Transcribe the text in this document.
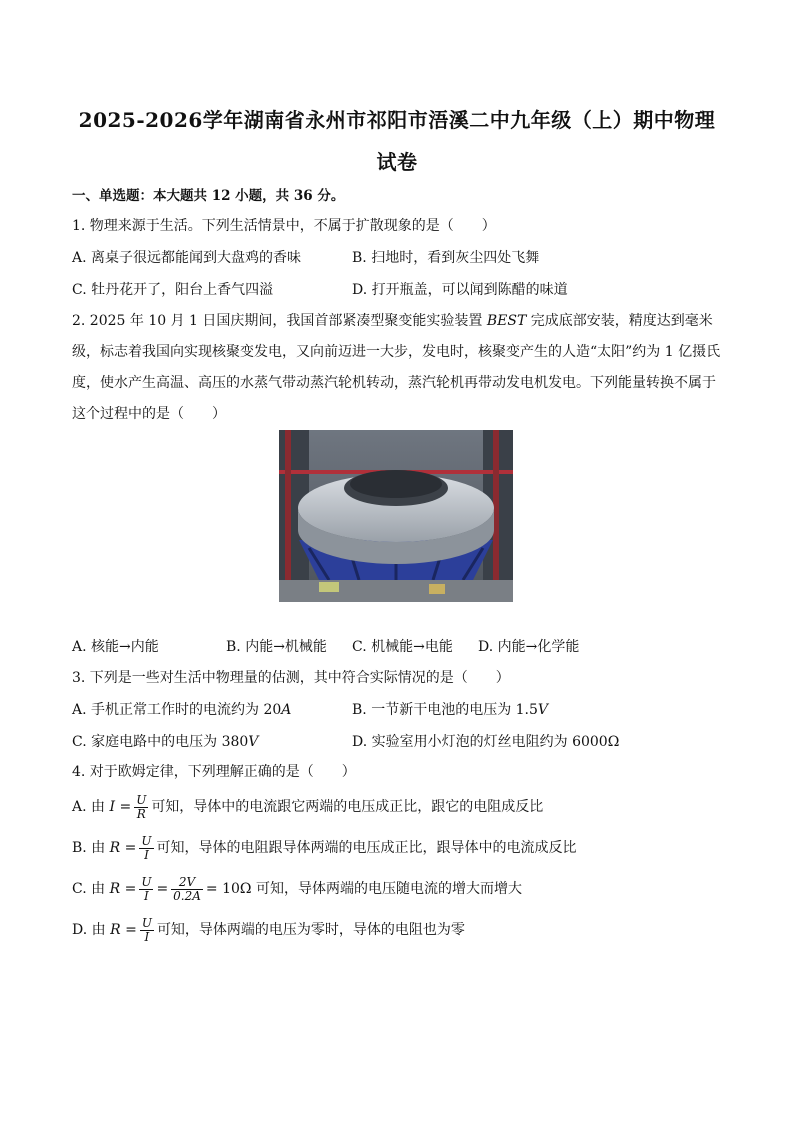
2025-2026学年湖南省永州市祁阳市浯溪二中九年级（上）期中物理
试卷
一、单选题：本大题共 12 小题，共 36 分。
1. 物理来源于生活。下列生活情景中，不属于扩散现象的是（　　）
A. 离桌子很远都能闻到大盘鸡的香味	B. 扫地时，看到灰尘四处飞舞
C. 牡丹花开了，阳台上香气四溢	D. 打开瓶盖，可以闻到陈醋的味道
2. 2025 年 10 月 1 日国庆期间，我国首部紧凑型聚变能实验装置 BEST 完成底部安装，精度达到毫米级，标志着我国向实现核聚变发电，又向前迈进一大步，发电时，核聚变产生的人造“太阳”约为 1 亿摄氏度，使水产生高温、高压的水蒸气带动蒸汽轮机转动，蒸汽轮机再带动发电机发电。下列能量转换不属于这个过程中的是（　　）
A. 核能→内能	B. 内能→机械能 C. 机械能→电能 D. 内能→化学能
3. 下列是一些对生活中物理量的估测，其中符合实际情况的是（　　）
A. 手机正常工作时的电流约为 20A	B. 一节新干电池的电压为 1.5V
C. 家庭电路中的电压为 380V	D. 实验室用小灯泡的灯丝电阻约为 6000Ω
4. 对于欧姆定律，下列理解正确的是（　　）
A. 由 $I = \frac{U}{R}$ 可知，导体中的电流跟它两端的电压成正比，跟它的电阻成反比
B. 由 $R = \frac{U}{I}$ 可知，导体的电阻跟导体两端的电压成正比，跟导体中的电流成反比
C. 由 $R = \frac{U}{I} = \frac{2V}{0.2A} = 10\Omega$ 可知，导体两端的电压随电流的增大而增大
D. 由 $R = \frac{U}{I}$ 可知，导体两端的电压为零时，导体的电阻也为零
